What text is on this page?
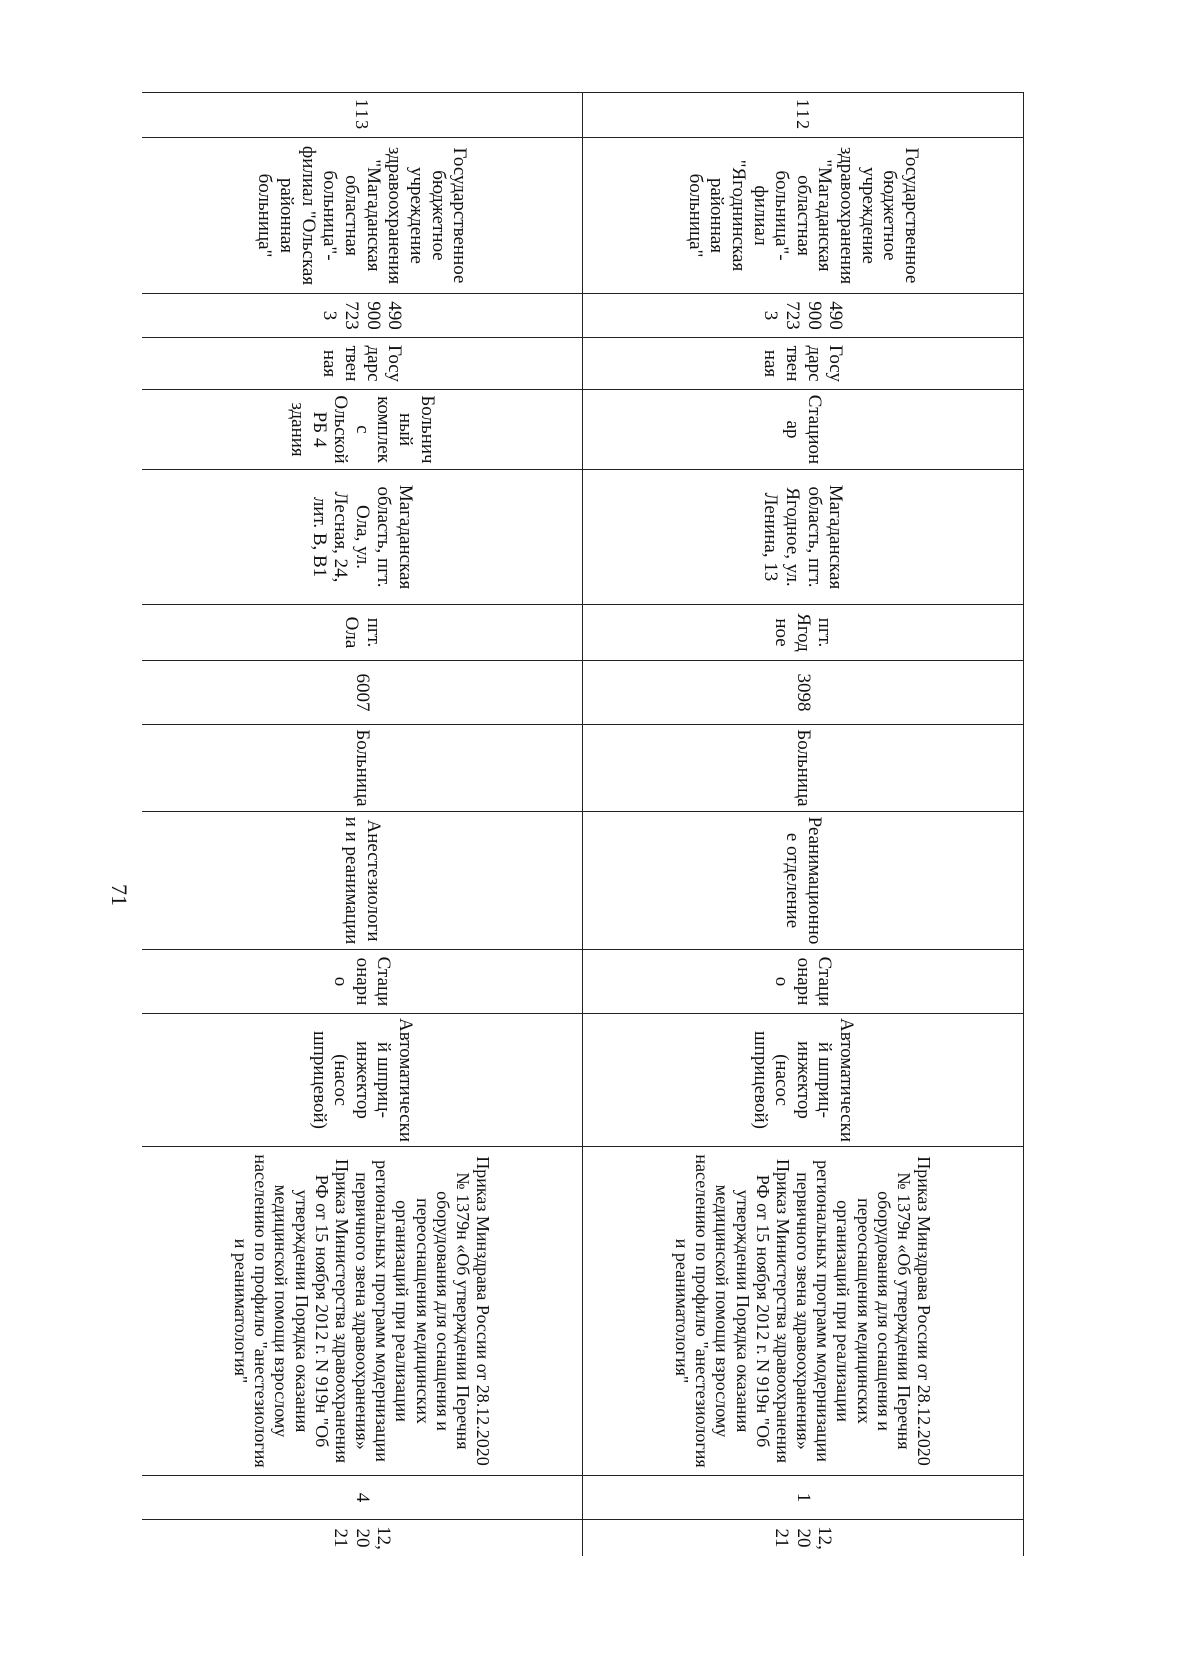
71
112	Государственное бюджетное учреждение здравоохранения "Магаданская областная больница"- филиал "Ягоднинская районная больница"	4909007233	Государственная	Стационар	Магаданская область, пгт. Ягодное, ул. Ленина, 13	пгт. Ягодное	3098	Больница	Реанимационное отделение	Стационарно	Автоматический шприц-инжектор (насос шприцевой)	Приказ Минздрава России от 28.12.2020 № 1379н «Об утверждении Перечня оборудования для оснащения и переоснащения медицинских организаций при реализации региональных программ модернизации первичного звена здравоохранения» Приказ Министерства здравоохранения РФ от 15 ноября 2012 г. N 919н "Об утверждении Порядка оказания медицинской помощи взрослому населению по профилю "анестезиология и реаниматология"	1	12,2021
113	Государственное бюджетное учреждение здравоохранения "Магаданская областная больница"- филиал "Ольская районная больница"	4909007233	Государственная	Больничный комплекс Ольской РБ 4 здания	Магаданская область, пгт. Ола, ул. Лесная, 24, лит. В, В1	пгт. Ола	6007	Больница	Анестезиологии и реанимации	Стационарно	Автоматический шприц-инжектор (насос шприцевой)	Приказ Минздрава России от 28.12.2020 № 1379н «Об утверждении Перечня оборудования для оснащения и переоснащения медицинских организаций при реализации региональных программ модернизации первичного звена здравоохранения» Приказ Министерства здравоохранения РФ от 15 ноября 2012 г. N 919н "Об утверждении Порядка оказания медицинской помощи взрослому населению по профилю "анестезиология и реаниматология"	4	12,2021
